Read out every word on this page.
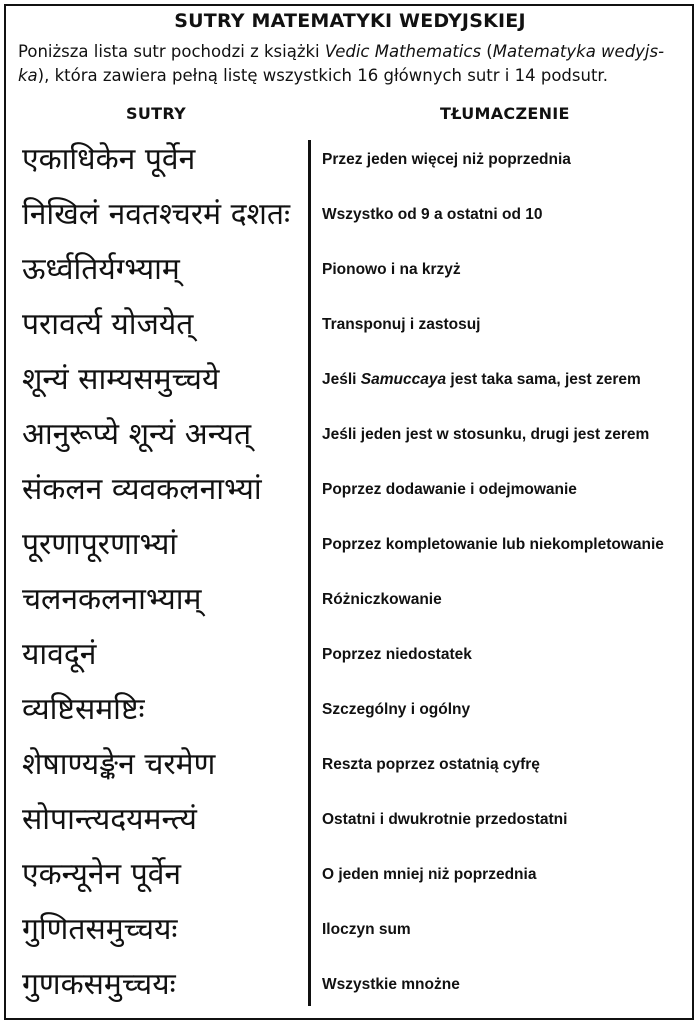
SUTRY MATEMATYKI WEDYJSKIEJ
Poniższa lista sutr pochodzi z książki Vedic Mathematics (Matematyka wedyjs-
ka), która zawiera pełną listę wszystkich 16 głównych sutr i 14 podsutr.
SUTRY	TŁUMACZENIE
एकाधिकेन पूर्वेन	Przez jeden więcej niż poprzednia
निखिलं नवतश्चरमं दशतः	Wszystko od 9 a ostatni od 10
ऊर्ध्वतिर्यग्भ्याम्	Pionowo i na krzyż
परावर्त्य योजयेत्	Transponuj i zastosuj
शून्यं साम्यसमुच्चये	Jeśli Samuccaya jest taka sama, jest zerem
आनुरूप्ये शून्यं अन्यत्	Jeśli jeden jest w stosunku, drugi jest zerem
संकलन व्यवकलनाभ्यां	Poprzez dodawanie i odejmowanie
पूरणापूरणाभ्यां	Poprzez kompletowanie lub niekompletowanie
चलनकलनाभ्याम्	Różniczkowanie
यावदूनं	Poprzez niedostatek
व्यष्टिसमष्टिः	Szczególny i ogólny
शेषाण्यङ्केन चरमेण	Reszta poprzez ostatnią cyfrę
सोपान्त्यदयमन्त्यं	Ostatni i dwukrotnie przedostatni
एकन्यूनेन पूर्वेन	O jeden mniej niż poprzednia
गुणितसमुच्चयः	Iloczyn sum
गुणकसमुच्चयः	Wszystkie mnożne
